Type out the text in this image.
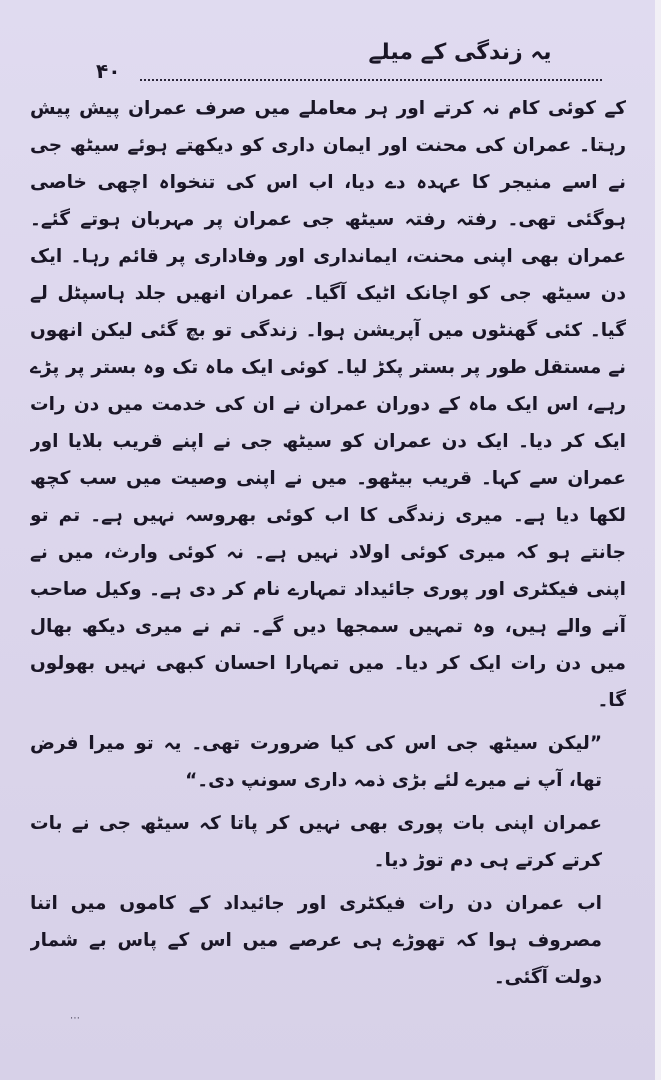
یہ زندگی کے میلے
۴۰

کے کوئی کام نہ کرتے اور ہر معاملے میں صرف عمران پیش پیش رہتا۔ عمران کی محنت اور ایمان داری کو دیکھتے ہوئے سیٹھ جی نے اسے منیجر کا عہدہ دے دیا، اب اس کی تنخواہ اچھی خاصی ہوگئی تھی۔ رفتہ رفتہ سیٹھ جی عمران پر مہربان ہوتے گئے۔ عمران بھی اپنی محنت، ایمانداری اور وفاداری پر قائم رہا۔ ایک دن سیٹھ جی کو اچانک اٹیک آگیا۔ عمران انھیں جلد ہاسپٹل لے گیا۔ کئی گھنٹوں میں آپریشن ہوا۔ زندگی تو بچ گئی لیکن انھوں نے مستقل طور پر بستر پکڑ لیا۔ کوئی ایک ماہ تک وہ بستر پر پڑے رہے، اس ایک ماہ کے دوران عمران نے ان کی خدمت میں دن رات ایک کر دیا۔ ایک دن عمران کو سیٹھ جی نے اپنے قریب بلایا اور عمران سے کہا۔ قریب بیٹھو۔ میں نے اپنی وصیت میں سب کچھ لکھا دیا ہے۔ میری زندگی کا اب کوئی بھروسہ نہیں ہے۔ تم تو جانتے ہو کہ میری کوئی اولاد نہیں ہے۔ نہ کوئی وارث، میں نے اپنی فیکٹری اور پوری جائیداد تمہارے نام کر دی ہے۔ وکیل صاحب آنے والے ہیں، وہ تمہیں سمجھا دیں گے۔ تم نے میری دیکھ بھال میں دن رات ایک کر دیا۔ میں تمہارا احسان کبھی نہیں بھولوں گا۔

”لیکن سیٹھ جی اس کی کیا ضرورت تھی۔ یہ تو میرا فرض تھا، آپ نے میرے لئے بڑی ذمہ داری سونپ دی۔“

عمران اپنی بات پوری بھی نہیں کر پاتا کہ سیٹھ جی نے بات کرتے کرتے ہی دم توڑ دیا۔

اب عمران دن رات فیکٹری اور جائیداد کے کاموں میں اتنا مصروف ہوا کہ تھوڑے ہی عرصے میں اس کے پاس بے شمار دولت آگئی۔

⋯
